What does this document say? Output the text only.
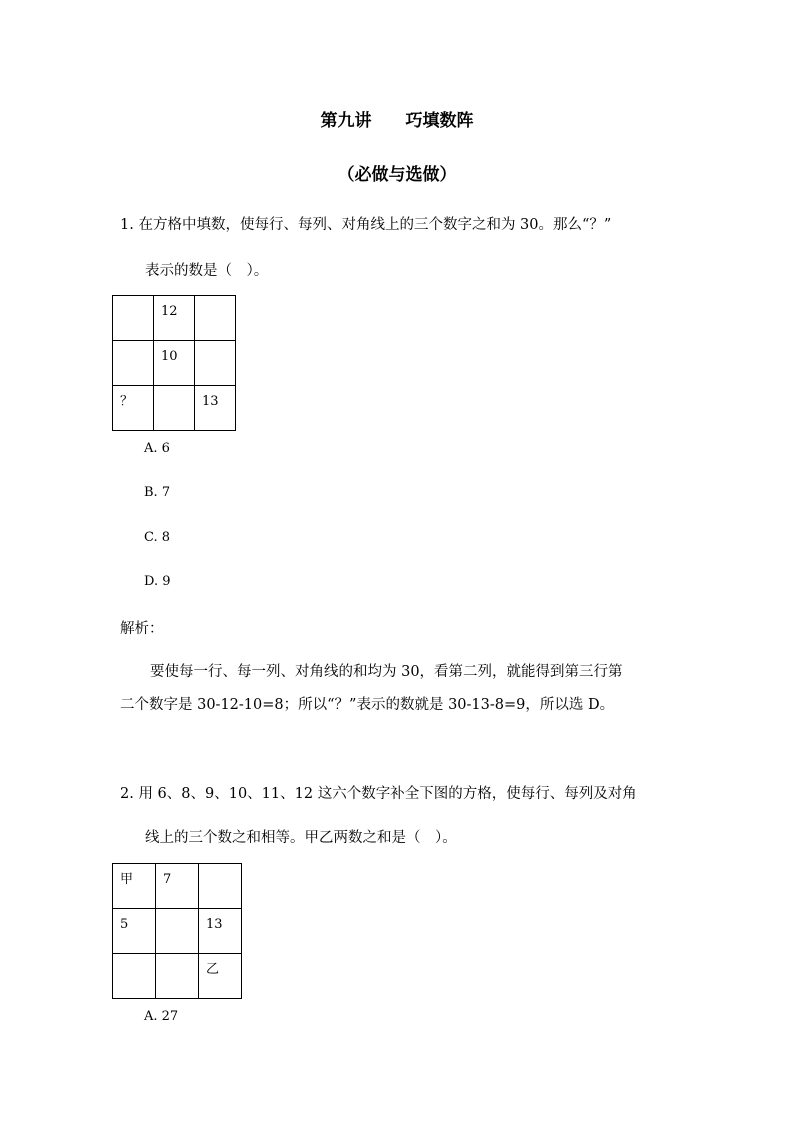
第九讲 巧填数阵
（必做与选做）
1. 在方格中填数，使每行、每列、对角线上的三个数字之和为 30。那么“？”
表示的数是（　）。

	12	

	10	

？		13
A. 6
B. 7
C. 8
D. 9
解析：
要使每一行、每一列、对角线的和均为 30，看第二列，就能得到第三行第
二个数字是 30-12-10=8；所以“？”表示的数就是 30-13-8=9，所以选 D。
2. 用 6、8、9、10、11、12 这六个数字补全下图的方格，使每行、每列及对角
线上的三个数之和相等。甲乙两数之和是（　）。
甲	7	

5		13

		乙
A. 27
